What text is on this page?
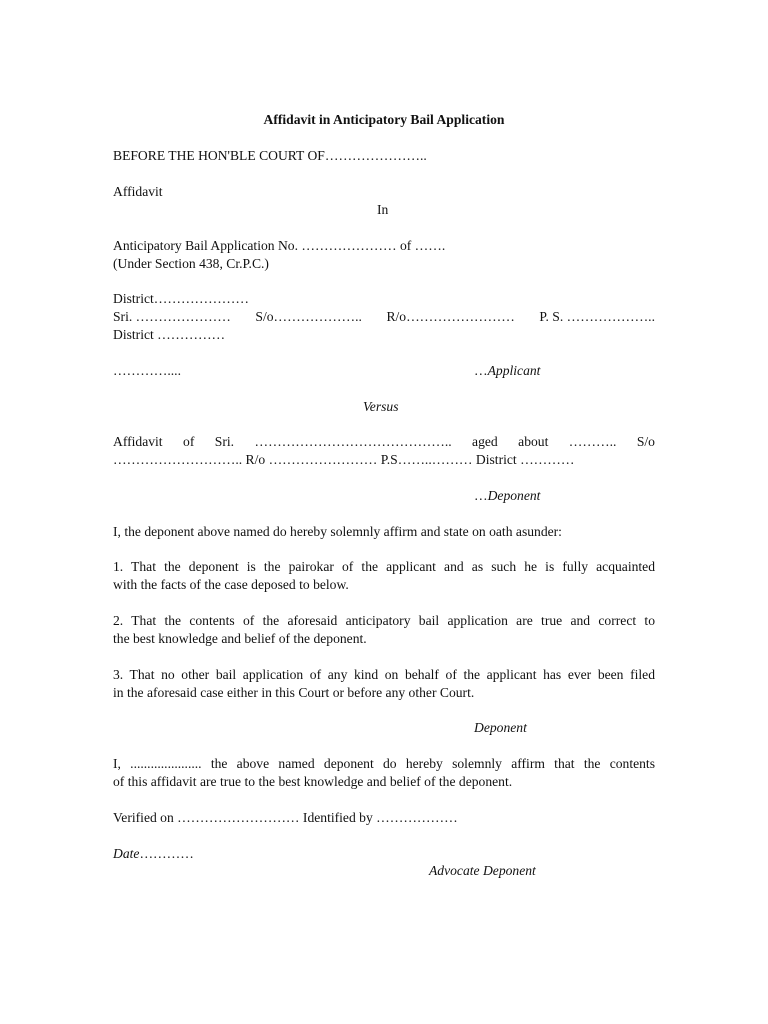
Affidavit in Anticipatory Bail Application
BEFORE THE HON'BLE COURT OF…………………..
Affidavit
In
Anticipatory Bail Application No. ………………… of …….
(Under Section 438, Cr.P.C.)
District…………………
Sri. ………………… S/o……………….. R/o…………………… P. S. ………………..
District ……………
…………....	…Applicant
Versus
Affidavit of Sri. …………………………………….. aged about ……….. S/o
……………………….. R/o …………………… P.S……..……… District …………
…Deponent
I, the deponent above named do hereby solemnly affirm and state on oath asunder:
1. That the deponent is the pairokar of the applicant and as such he is fully acquainted
with the facts of the case deposed to below.
2. That the contents of the aforesaid anticipatory bail application are true and correct to
the best knowledge and belief of the deponent.
3. That no other bail application of any kind on behalf of the applicant has ever been filed
in the aforesaid case either in this Court or before any other Court.
Deponent
I, ..................... the above named deponent do hereby solemnly affirm that the contents
of this affidavit are true to the best knowledge and belief of the deponent.
Verified on ……………………… Identified by ………………
Date…………
Advocate Deponent
